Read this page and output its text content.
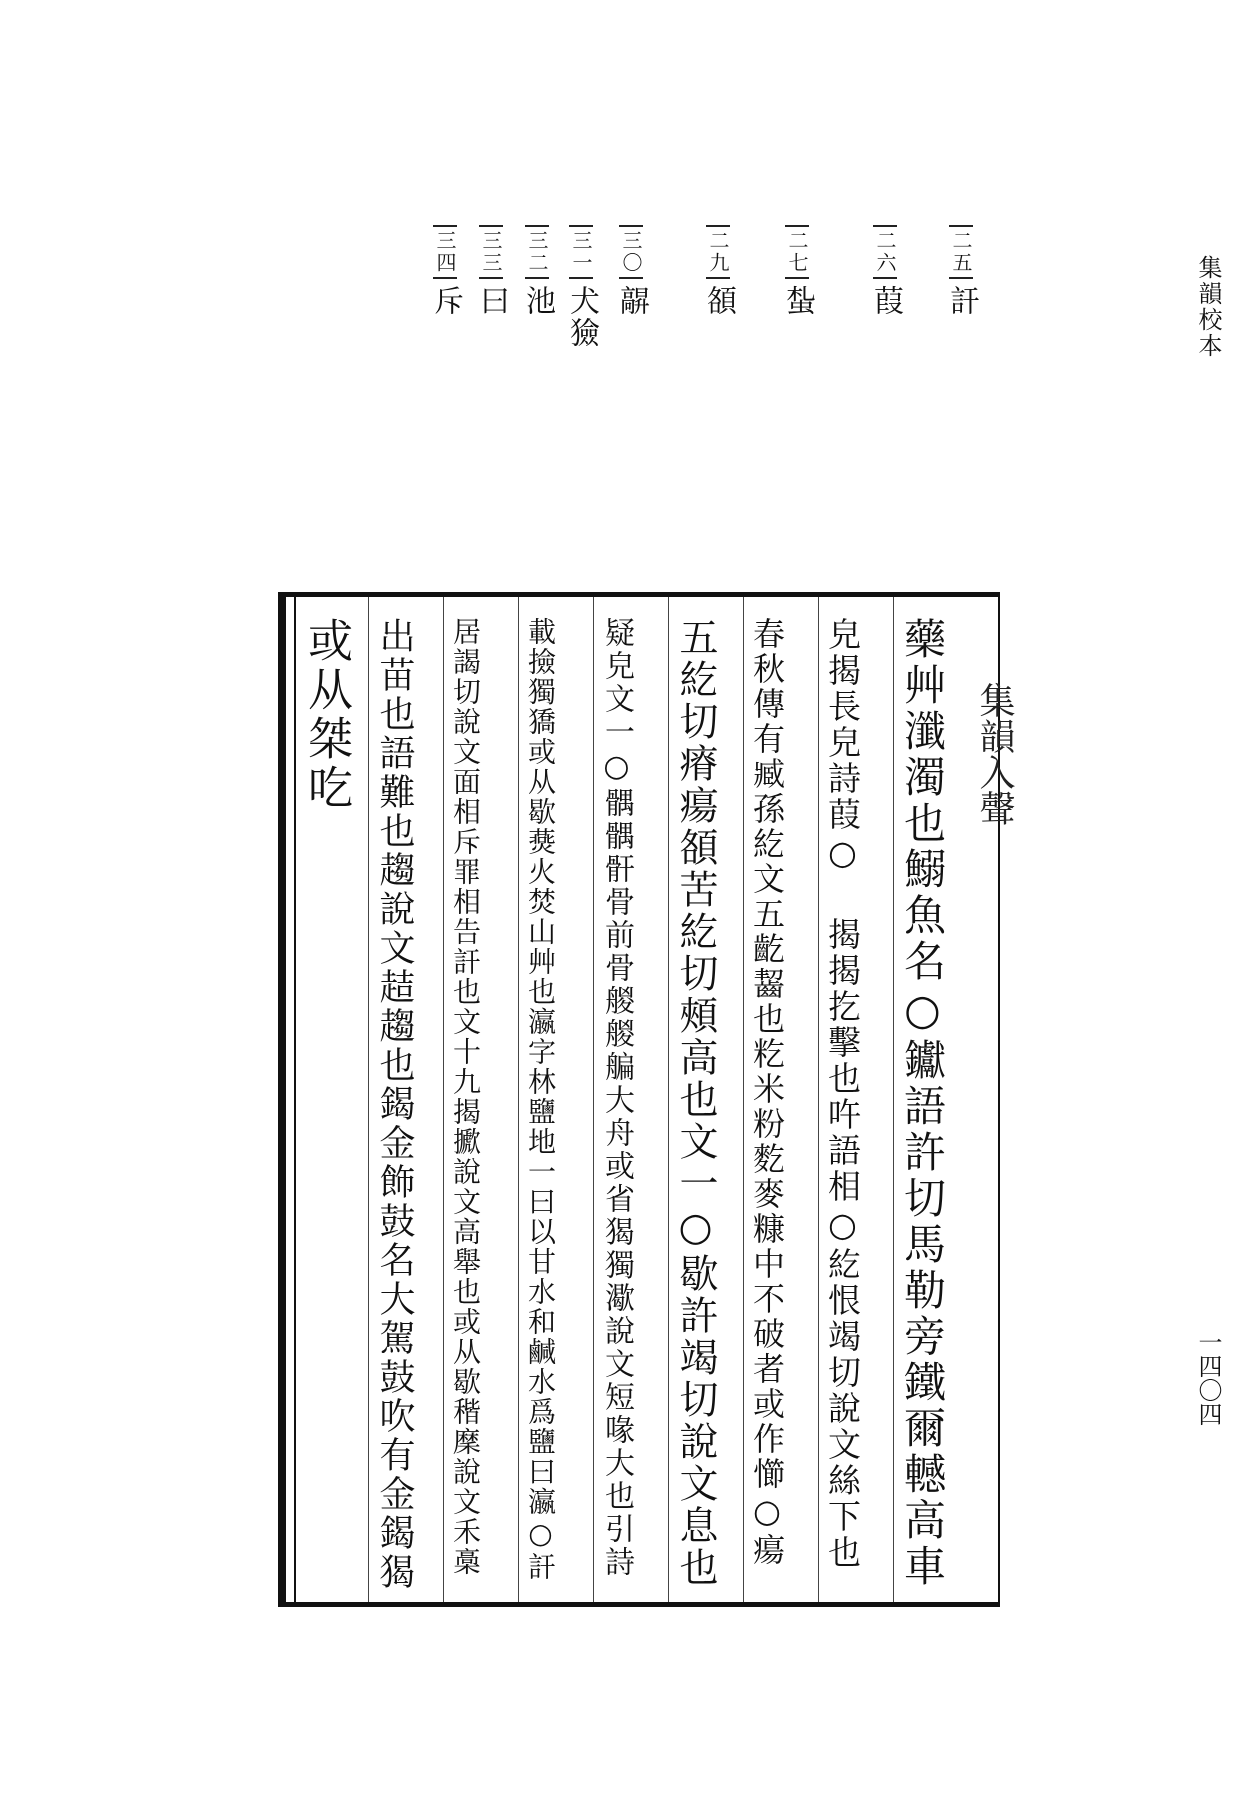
集韻校本
一四〇四
二五訐
二六葭
二七蚻
二九頟
三〇髜
三一犬獫
三二池
三三曰
三四斥
集韻入聲
藥艸瀸濁也鰯魚名○钀語許切馬勒旁鐵爾轗高車
皃揭長皃詩葭○ 揭揭扢擊也吘語相○紇恨竭切說文絲下也
春秋傳有臧孫紇文五齕齧也籺米粉麧麥糠中不破者或作㦢○瘍
五紇切瘠瘍頟苦紇切頰高也文一○歇許竭切說文息也
疑皃文一○髃髃骭骨前骨艐艐艑大舟或省猲獨㵣說文短喙大也引詩
載撿獨獢或从歇㷼火焚山艸也瀛字林鹽地一曰以甘水和鹹水爲鹽曰瀛○訐
居謁切說文面相斥罪相告訐也文十九揭擨說文高舉也或从歇稭穈說文禾槀
出苗也語難也趨說文趌趨也鍻金飾鼓名大駕鼓吹有金鍻猲
或从桀吃
